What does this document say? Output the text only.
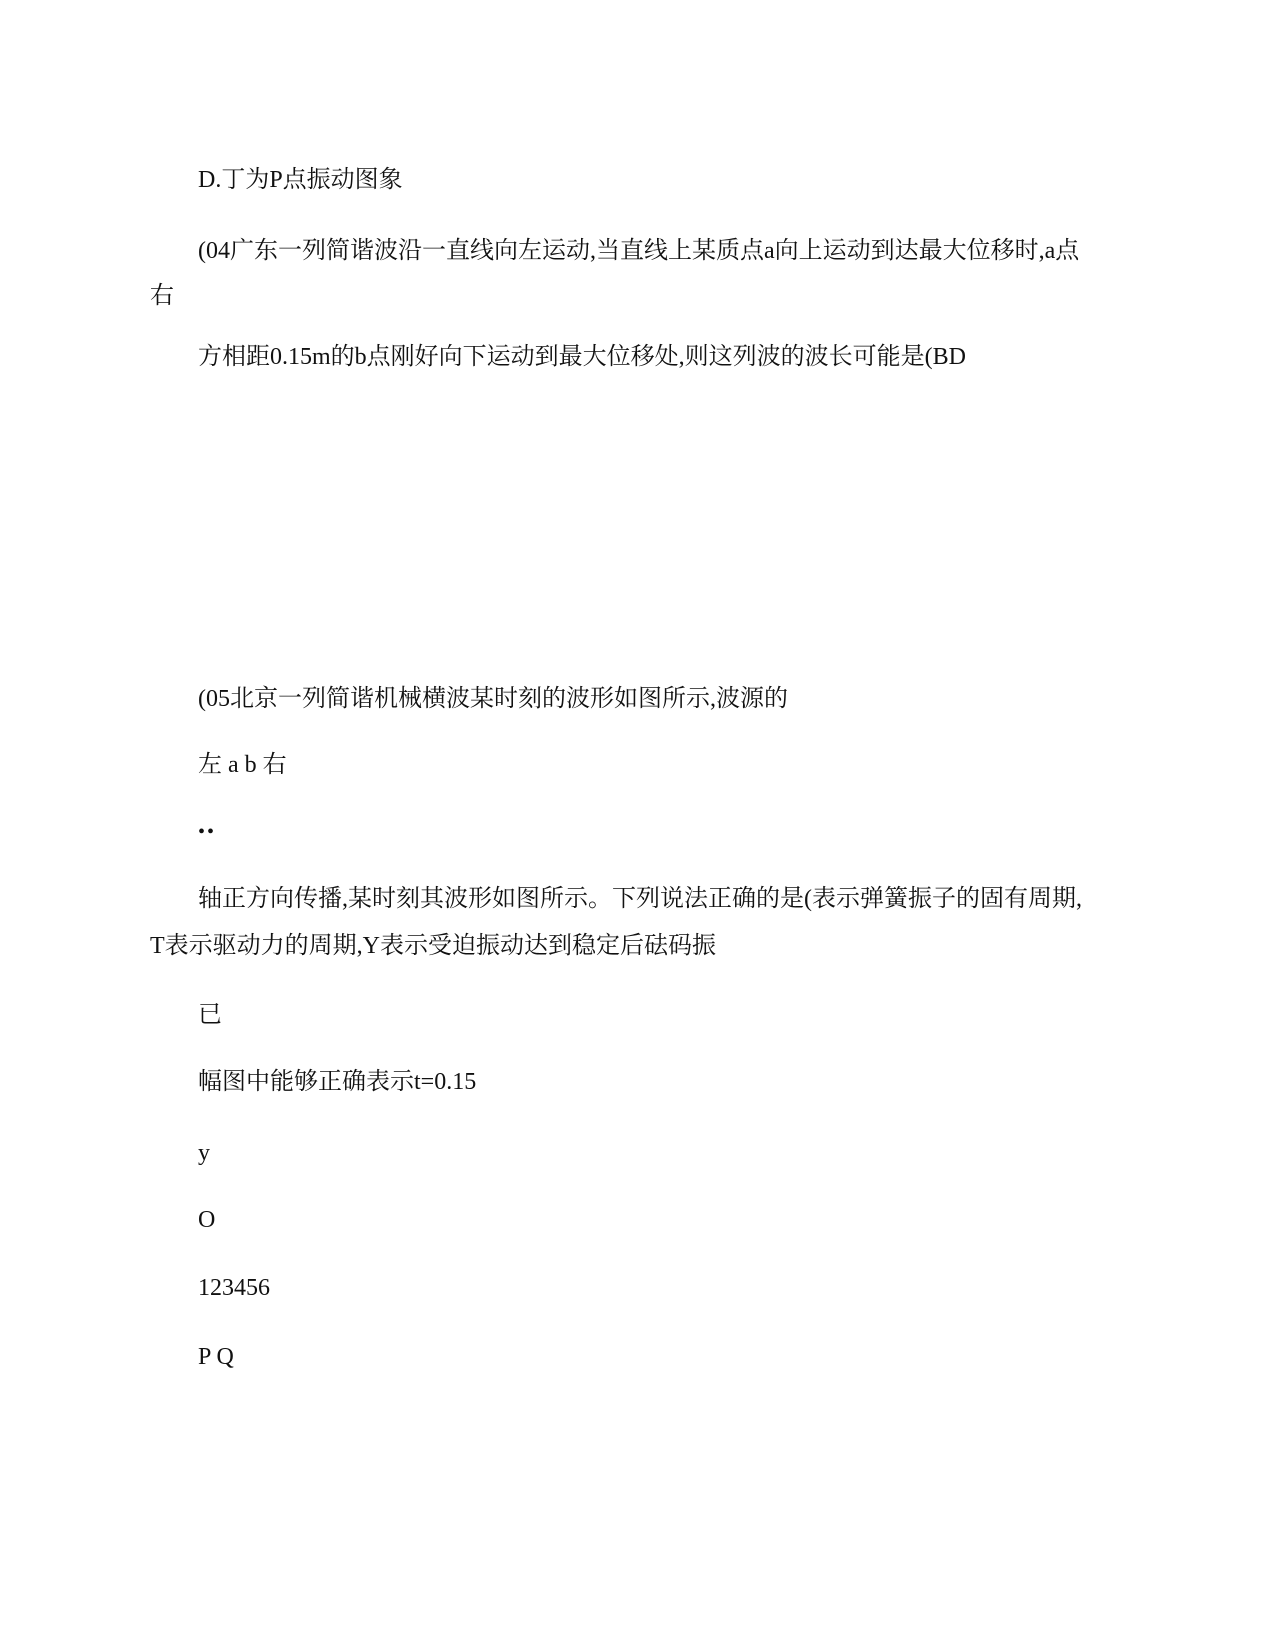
D.丁为P点振动图象
(04广东一列简谐波沿一直线向左运动,当直线上某质点a向上运动到达最大位移时,a点
右
方相距0.15m的b点刚好向下运动到最大位移处,则这列波的波长可能是(BD
(05北京一列简谐机械横波某时刻的波形如图所示,波源的
左 a b 右
••
轴正方向传播,某时刻其波形如图所示。下列说法正确的是(表示弹簧振子的固有周期,
T表示驱动力的周期,Y表示受迫振动达到稳定后砝码振
已
幅图中能够正确表示t=0.15
y
O
123456
P Q
